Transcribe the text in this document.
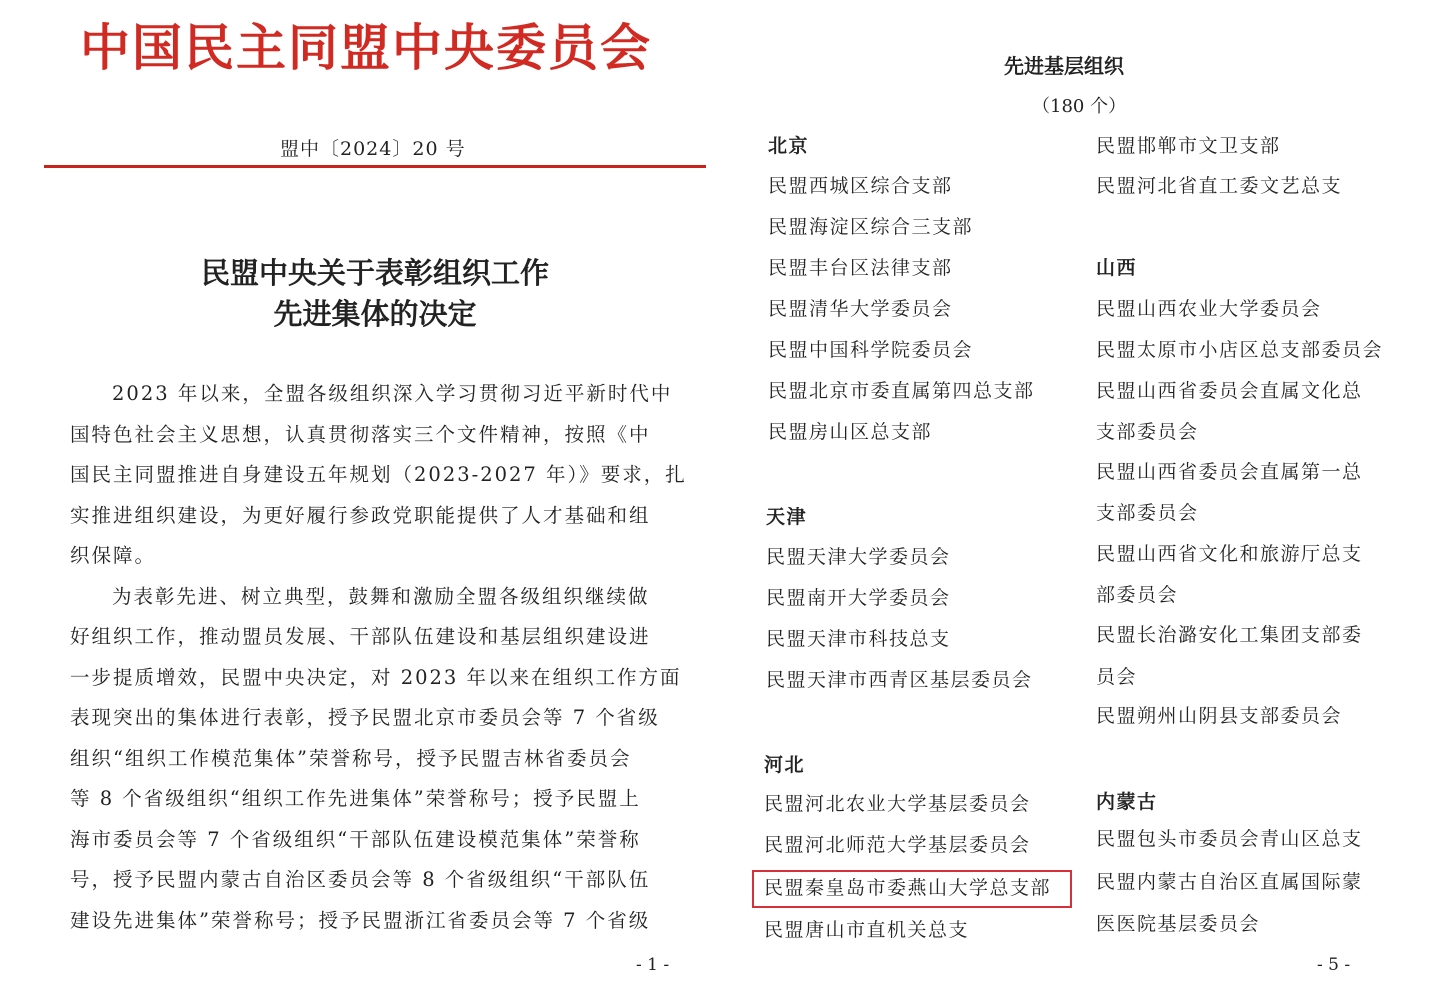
中国民主同盟中央委员会
盟中〔2024〕20 号
民盟中央关于表彰组织工作
先进集体的决定
2023 年以来，全盟各级组织深入学习贯彻习近平新时代中
国特色社会主义思想，认真贯彻落实三个文件精神，按照《中
国民主同盟推进自身建设五年规划（2023-2027 年）》要求，扎
实推进组织建设，为更好履行参政党职能提供了人才基础和组
织保障。
为表彰先进、树立典型，鼓舞和激励全盟各级组织继续做
好组织工作，推动盟员发展、干部队伍建设和基层组织建设进
一步提质增效，民盟中央决定，对 2023 年以来在组织工作方面
表现突出的集体进行表彰，授予民盟北京市委员会等 7 个省级
组织“组织工作模范集体”荣誉称号，授予民盟吉林省委员会
等 8 个省级组织“组织工作先进集体”荣誉称号；授予民盟上
海市委员会等 7 个省级组织“干部队伍建设模范集体”荣誉称
号，授予民盟内蒙古自治区委员会等 8 个省级组织“干部队伍
建设先进集体”荣誉称号；授予民盟浙江省委员会等 7 个省级
- 1 -
先进基层组织
（180 个）
北京
民盟西城区综合支部
民盟海淀区综合三支部
民盟丰台区法律支部
民盟清华大学委员会
民盟中国科学院委员会
民盟北京市委直属第四总支部
民盟房山区总支部
天津
民盟天津大学委员会
民盟南开大学委员会
民盟天津市科技总支
民盟天津市西青区基层委员会
河北
民盟河北农业大学基层委员会
民盟河北师范大学基层委员会
民盟秦皇岛市委燕山大学总支部
民盟唐山市直机关总支
民盟邯郸市文卫支部
民盟河北省直工委文艺总支
山西
民盟山西农业大学委员会
民盟太原市小店区总支部委员会
民盟山西省委员会直属文化总
支部委员会
民盟山西省委员会直属第一总
支部委员会
民盟山西省文化和旅游厅总支
部委员会
民盟长治潞安化工集团支部委
员会
民盟朔州山阴县支部委员会
内蒙古
民盟包头市委员会青山区总支
民盟内蒙古自治区直属国际蒙
医医院基层委员会
- 5 -
